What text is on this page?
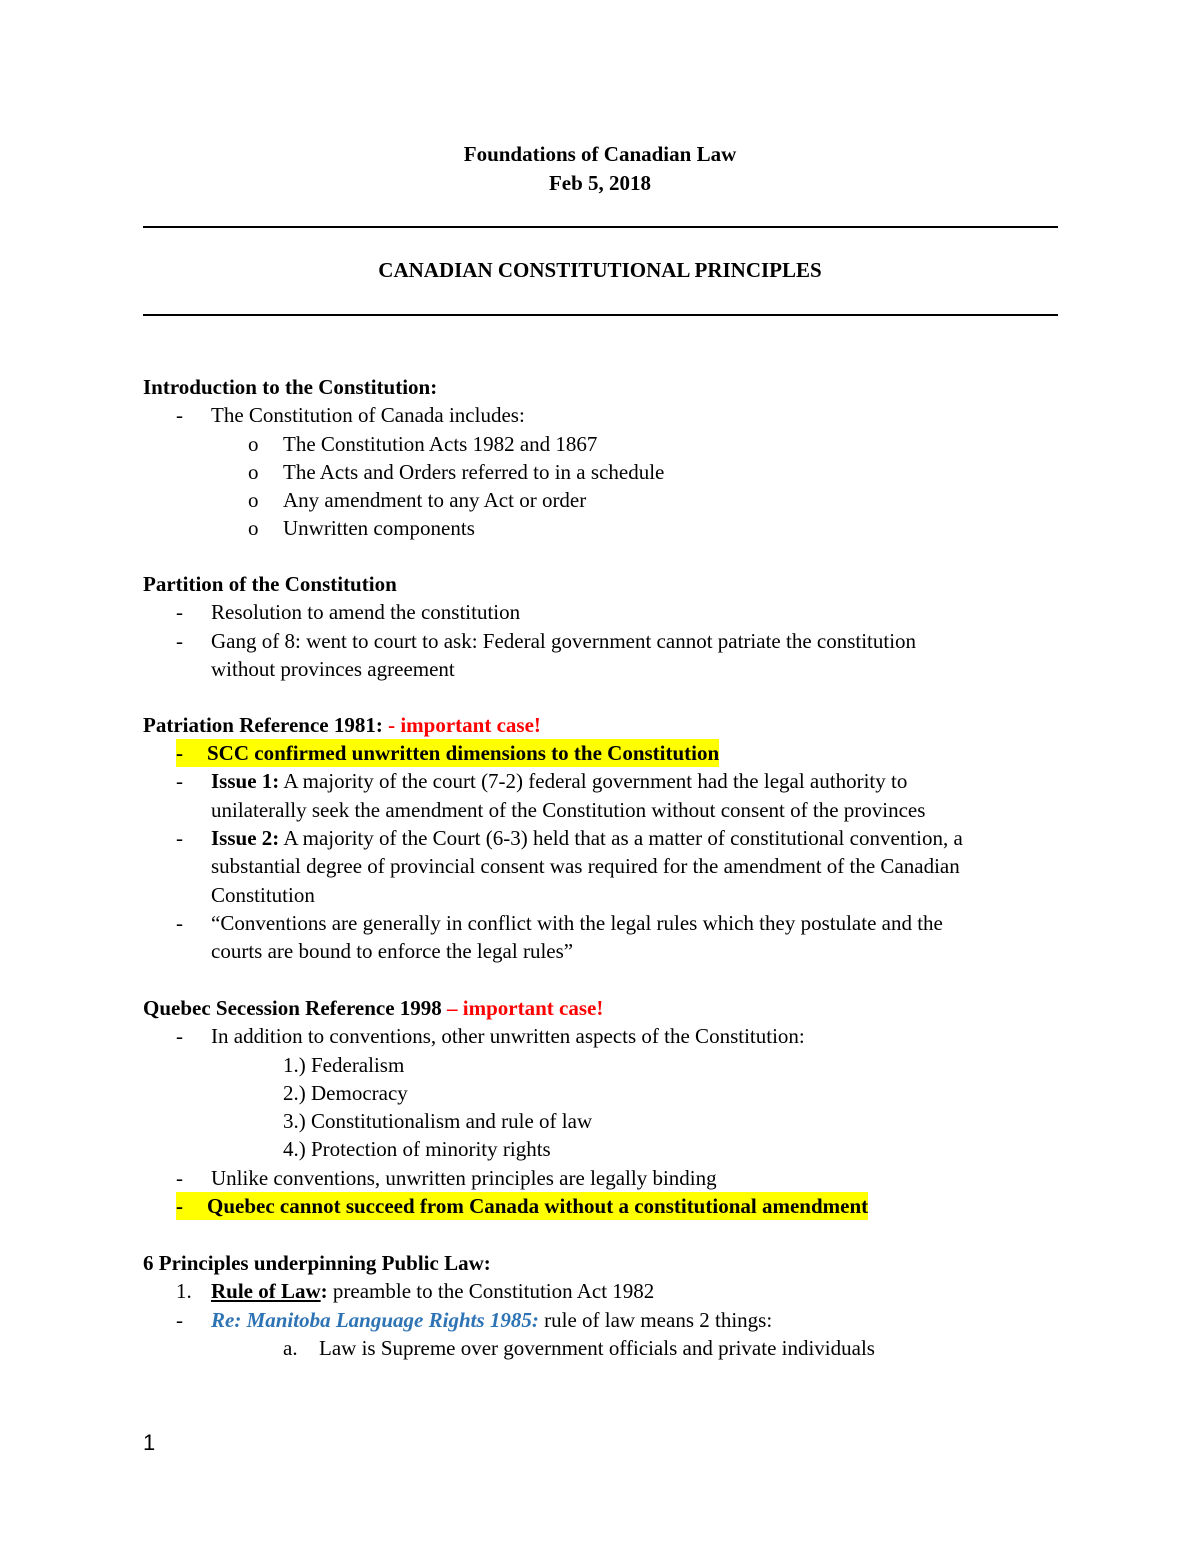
Foundations of Canadian Law
Feb 5, 2018
CANADIAN CONSTITUTIONAL PRINCIPLES
Introduction to the Constitution:
- The Constitution of Canada includes:
o The Constitution Acts 1982 and 1867
o The Acts and Orders referred to in a schedule
o Any amendment to any Act or order
o Unwritten components
Partition of the Constitution
- Resolution to amend the constitution
- Gang of 8: went to court to ask: Federal government cannot patriate the constitution
without provinces agreement
Patriation Reference 1981: - important case!
- SCC confirmed unwritten dimensions to the Constitution
- Issue 1: A majority of the court (7-2) federal government had the legal authority to
unilaterally seek the amendment of the Constitution without consent of the provinces
- Issue 2: A majority of the Court (6-3) held that as a matter of constitutional convention, a
substantial degree of provincial consent was required for the amendment of the Canadian
Constitution
- “Conventions are generally in conflict with the legal rules which they postulate and the
courts are bound to enforce the legal rules”
Quebec Secession Reference 1998 – important case!
- In addition to conventions, other unwritten aspects of the Constitution:
1.) Federalism
2.) Democracy
3.) Constitutionalism and rule of law
4.) Protection of minority rights
- Unlike conventions, unwritten principles are legally binding
- Quebec cannot succeed from Canada without a constitutional amendment
6 Principles underpinning Public Law:
1. Rule of Law: preamble to the Constitution Act 1982
- Re: Manitoba Language Rights 1985: rule of law means 2 things:
a. Law is Supreme over government officials and private individuals
1
